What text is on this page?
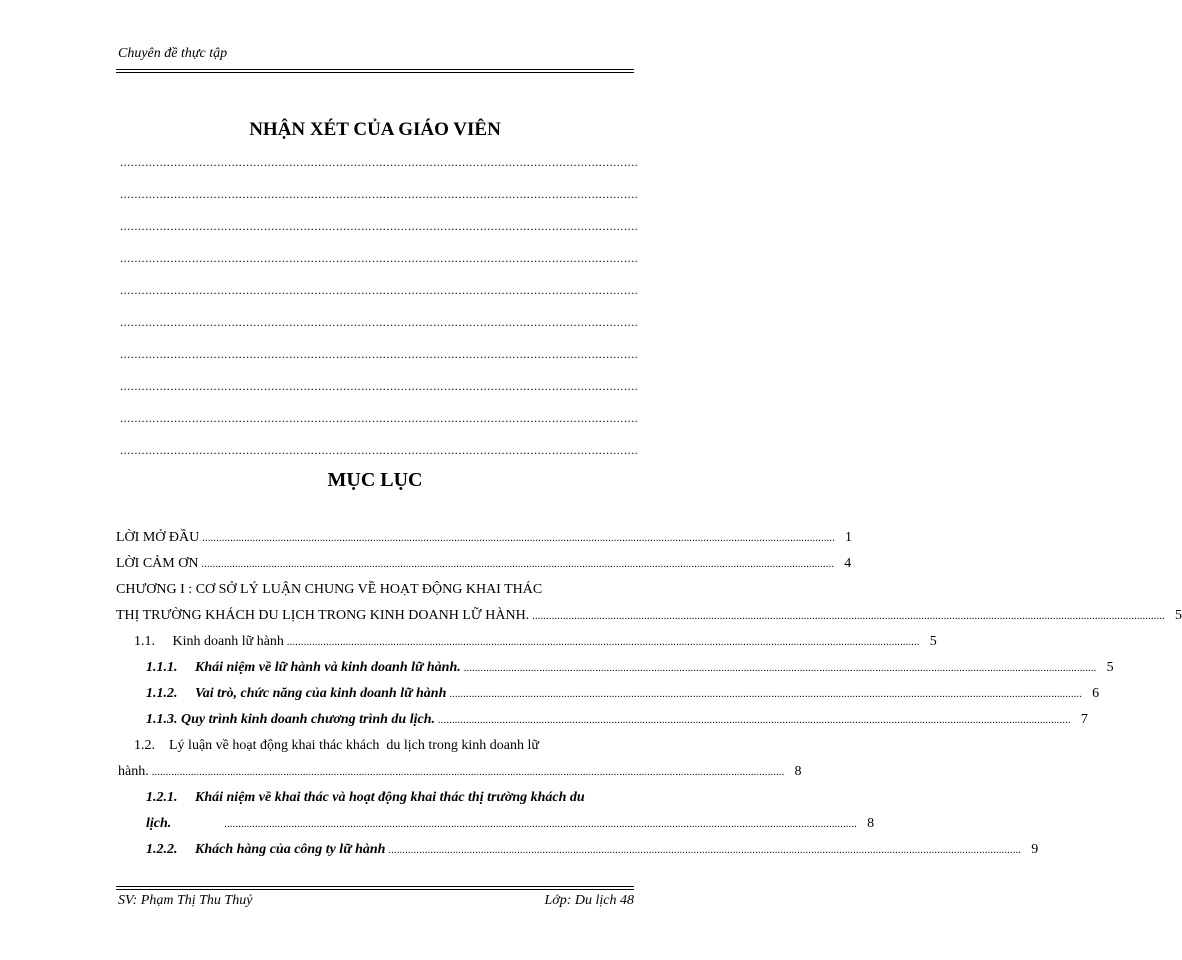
Chuyên đề thực tập
NHẬN XÉT CỦA GIÁO VIÊN
................................................................................................................................................
................................................................................................................................................
................................................................................................................................................
................................................................................................................................................
................................................................................................................................................
................................................................................................................................................
................................................................................................................................................
................................................................................................................................................
................................................................................................................................................
................................................................................................................................................
MỤC LỤC
LỜI MỞ ĐẦU .................................................................................................................................................................................................................................. 1
LỜI CẢM ƠN .................................................................................................................................................................................................................................. 4
CHƯƠNG I : CƠ SỞ LÝ LUẬN CHUNG VỀ HOẠT ĐỘNG KHAI THÁC
THỊ TRƯỜNG KHÁCH DU LỊCH TRONG KINH DOANH LỮ HÀNH. .................................................................................................................................................................................................................................. 5
1.1.     Kinh doanh lữ hành .................................................................................................................................................................................................................................. 5
1.1.1.     Khái niệm về lữ hành và kinh doanh lữ hành. .................................................................................................................................................................................................................................. 5
1.1.2.     Vai trò, chức năng của kinh doanh lữ hành .................................................................................................................................................................................................................................. 6
1.1.3. Quy trình kinh doanh chương trình du lịch. .................................................................................................................................................................................................................................. 7
1.2.    Lý luận về hoạt động khai thác khách  du lịch trong kinh doanh lữ
hành. .................................................................................................................................................................................................................................. 8
1.2.1.     Khái niệm về khai thác và hoạt động khai thác thị trường khách du
lịch.	.................................................................................................................................................................................................................................. 8
1.2.2.     Khách hàng của công ty lữ hành .................................................................................................................................................................................................................................. 9
SV: Phạm Thị Thu Thuỷ	Lớp: Du lịch 48
